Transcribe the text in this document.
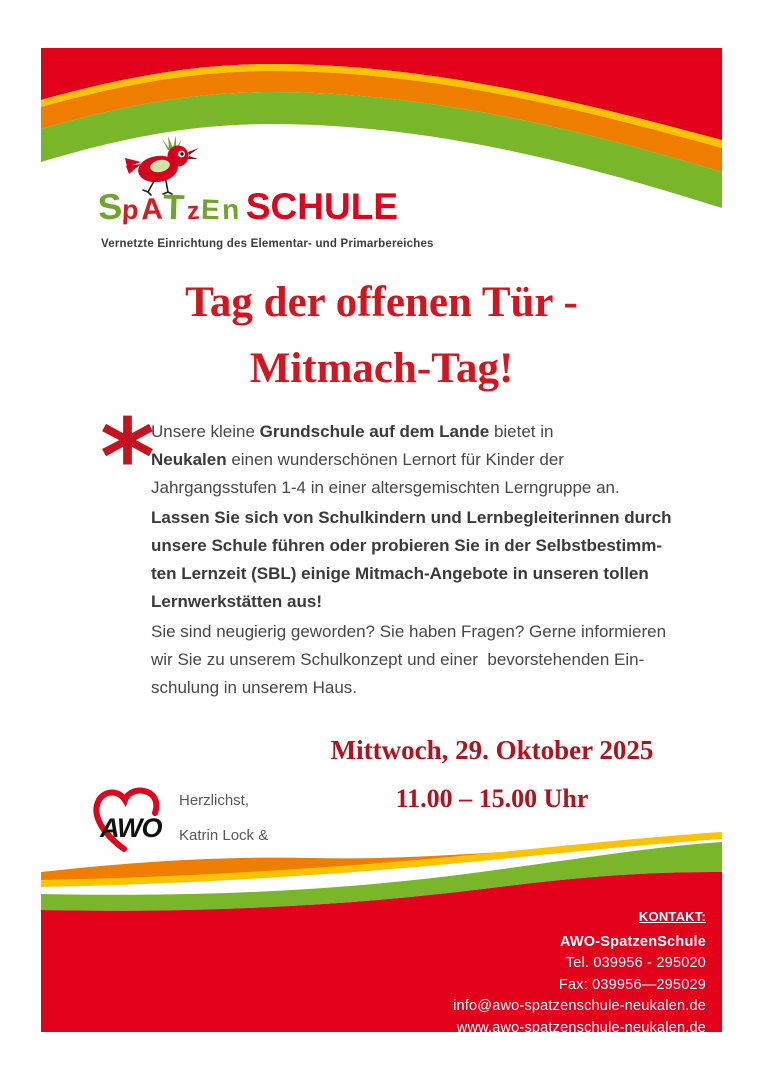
S
p A T z E n SCHULE
Vernetzte Einrichtung des Elementar- und Primarbereiches
Tag der offenen Tür -
Mitmach-Tag!
*

Unsere kleine Grundschule auf dem Lande bietet in
Neukalen einen wunderschönen Lernort für Kinder der
Jahrgangsstufen 1-4 in einer altersgemischten Lerngruppe an.

Lassen Sie sich von Schulkindern und Lernbegleiterinnen durch
unsere Schule führen oder probieren Sie in der Selbstbestimm-
ten Lernzeit (SBL) einige Mitmach-Angebote in unseren tollen
Lernwerkstätten aus!

Sie sind neugierig geworden? Sie haben Fragen? Gerne informieren
wir Sie zu unserem Schulkonzept und einer  bevorstehenden Ein-
schulung in unserem Haus.

Mittwoch, 29. Oktober 2025
11.00 – 15.00 Uhr
AWO
Herzlichst,
Katrin Lock &
KONTAKT:
AWO-SpatzenSchule
Tel. 039956 - 295020
Fax: 039956—295029
info@awo-spatzenschule-neukalen.de
www.awo-spatzenschule-neukalen.de
